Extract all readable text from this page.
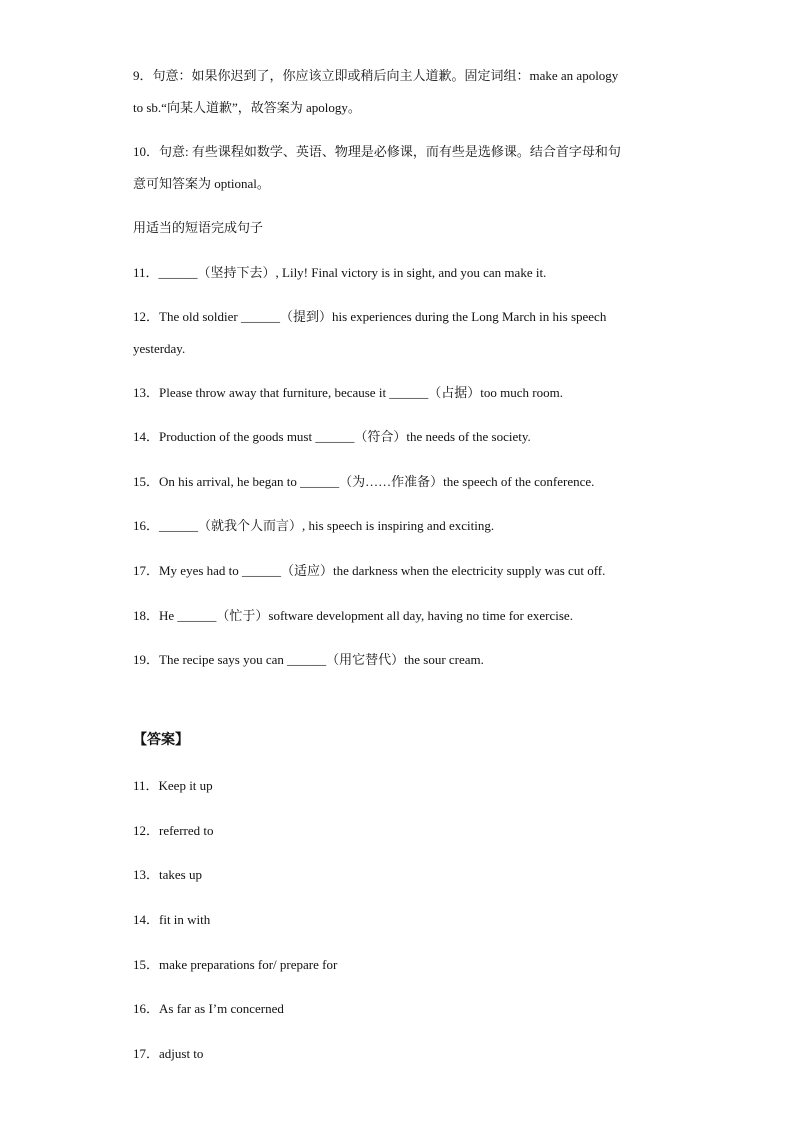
9．句意：如果你迟到了，你应该立即或稍后向主人道歉。固定词组：make an apology
to sb.“向某人道歉”，故答案为 apology。
10．句意: 有些课程如数学、英语、物理是必修课，而有些是选修课。结合首字母和句
意可知答案为 optional。
用适当的短语完成句子
11．______（坚持下去）, Lily! Final victory is in sight, and you can make it.
12．The old soldier ______（提到）his experiences during the Long March in his speech
yesterday.
13．Please throw away that furniture, because it ______（占据）too much room.
14．Production of the goods must ______（符合）the needs of the society.
15．On his arrival, he began to ______（为……作准备）the speech of the conference.
16．______（就我个人而言）, his speech is inspiring and exciting.
17．My eyes had to ______（适应）the darkness when the electricity supply was cut off.
18．He ______（忙于）software development all day, having no time for exercise.
19．The recipe says you can ______（用它替代）the sour cream.
【答案】
11．Keep it up
12．referred to
13．takes up
14．fit in with
15．make preparations for/ prepare for
16．As far as I’m concerned
17．adjust to
